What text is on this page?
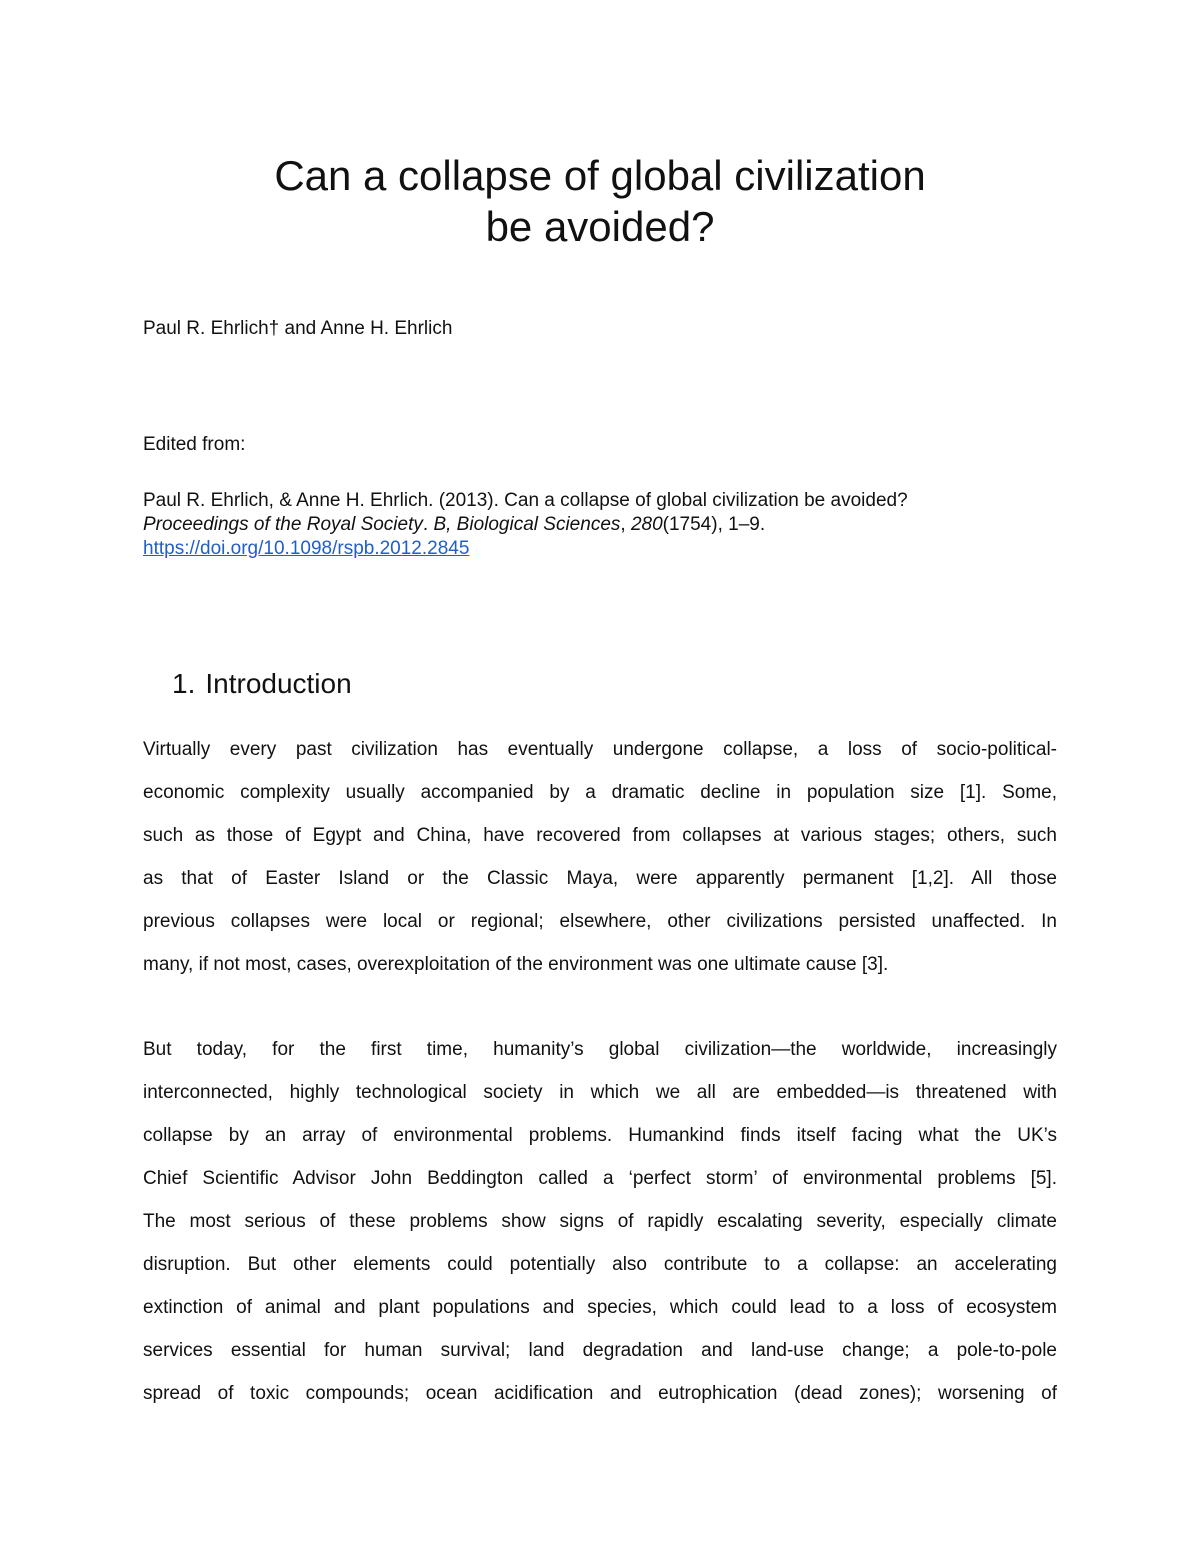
Can a collapse of global civilization
be avoided?
Paul R. Ehrlich† and Anne H. Ehrlich
Edited from:
Paul R. Ehrlich, & Anne H. Ehrlich. (2013). Can a collapse of global civilization be avoided?
Proceedings of the Royal Society. B, Biological Sciences, 280(1754), 1–9.
https://doi.org/10.1098/rspb.2012.2845
1. Introduction
Virtually every past civilization has eventually undergone collapse, a loss of socio-political-
economic complexity usually accompanied by a dramatic decline in population size [1]. Some,
such as those of Egypt and China, have recovered from collapses at various stages; others, such
as that of Easter Island or the Classic Maya, were apparently permanent [1,2]. All those
previous collapses were local or regional; elsewhere, other civilizations persisted unaffected. In
many, if not most, cases, overexploitation of the environment was one ultimate cause [3].
But today, for the first time, humanity’s global civilization—the worldwide, increasingly
interconnected, highly technological society in which we all are embedded—is threatened with
collapse by an array of environmental problems. Humankind finds itself facing what the UK’s
Chief Scientific Advisor John Beddington called a ‘perfect storm’ of environmental problems [5].
The most serious of these problems show signs of rapidly escalating severity, especially climate
disruption. But other elements could potentially also contribute to a collapse: an accelerating
extinction of animal and plant populations and species, which could lead to a loss of ecosystem
services essential for human survival; land degradation and land-use change; a pole-to-pole
spread of toxic compounds; ocean acidification and eutrophication (dead zones); worsening of
